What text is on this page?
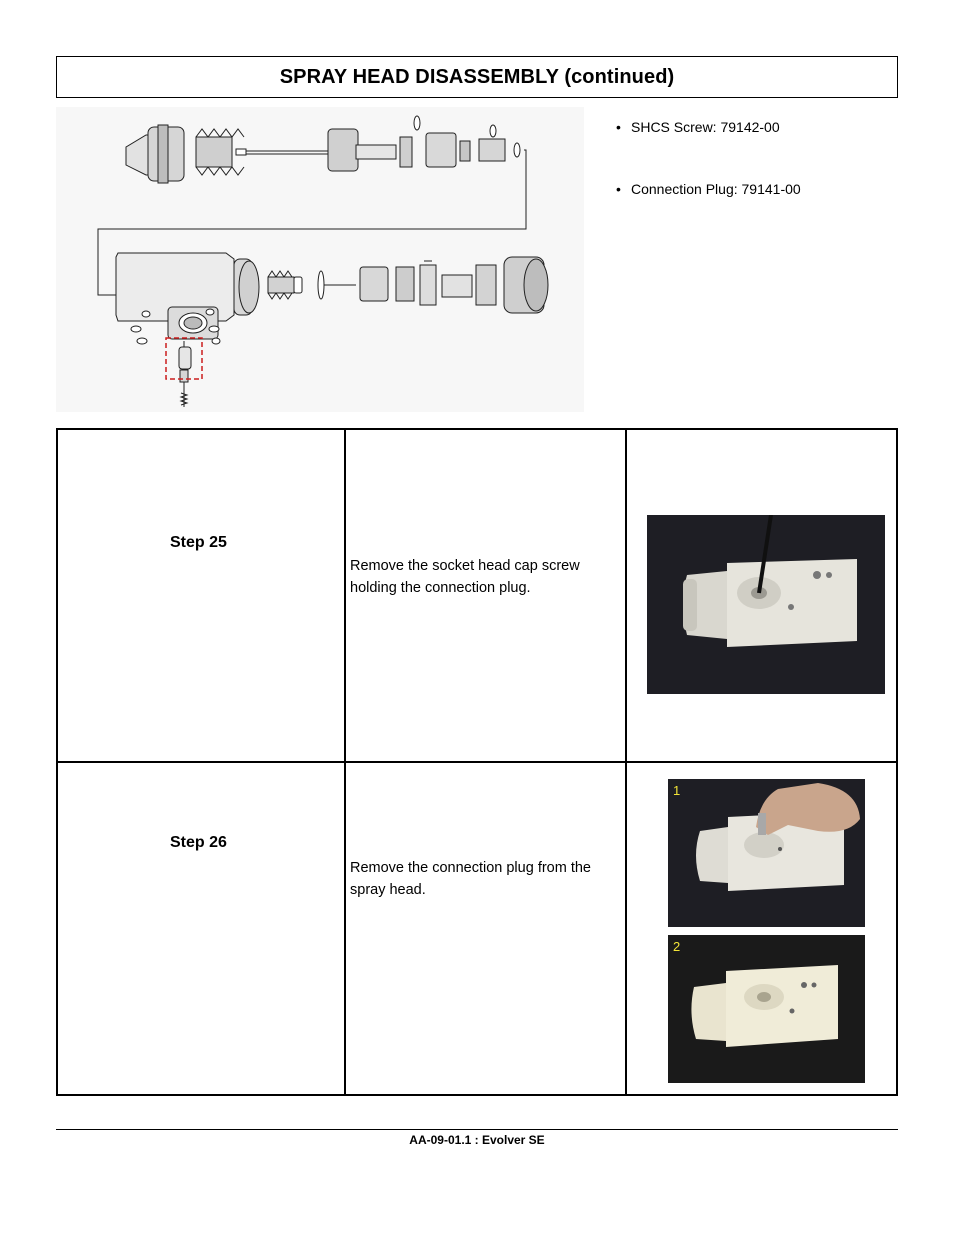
SPRAY HEAD DISASSEMBLY (continued)
• SHCS Screw: 79142-00
• Connection Plug: 79141-00
Step 25	Remove the socket head cap screw holding the connection plug.

Step 26	Remove the connection plug from the spray head.	1
2
AA-09-01.1 : Evolver SE
